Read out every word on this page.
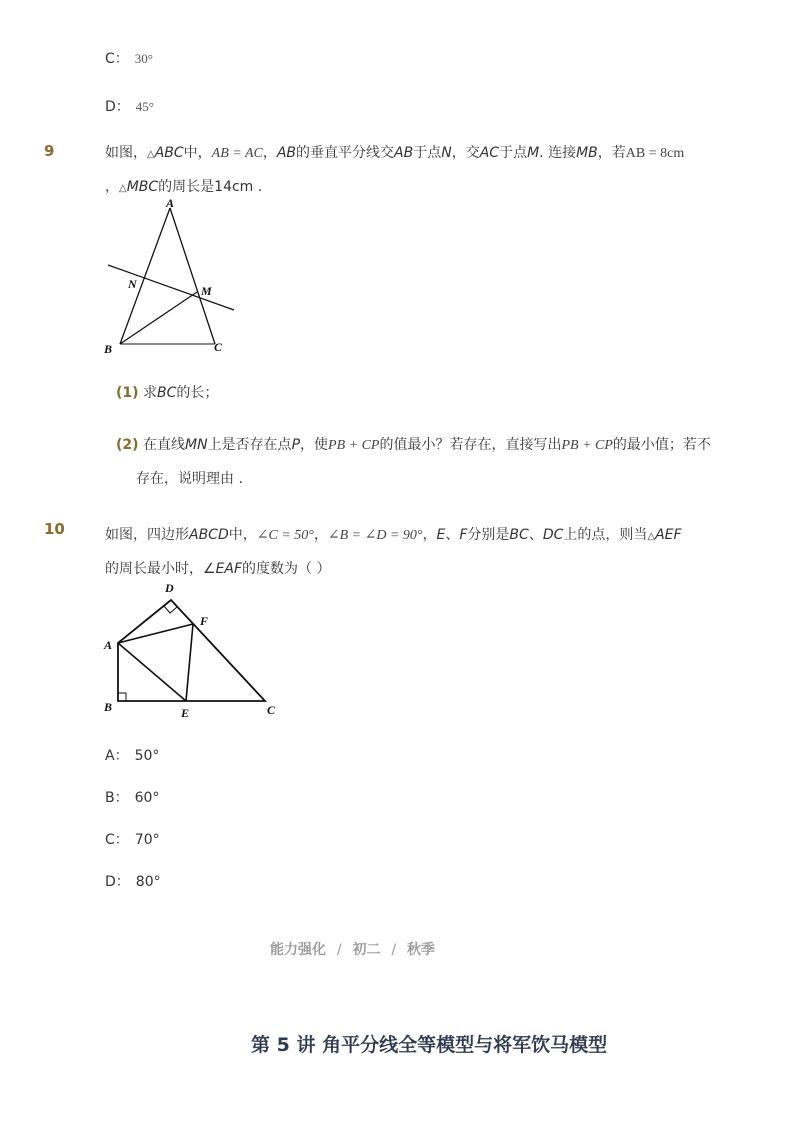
C： 30°
D： 45°
9	如图，△ABC中，AB = AC，AB的垂直平分线交AB于点N，交AC于点M. 连接MB，若AB = 8cm
，△MBC的周长是14cm .
A
N	M
B	C
(1) 求BC的长；
(2) 在直线MN上是否存在点P，使PB + CP的值最小？若存在，直接写出PB + CP的最小值；若不
存在，说明理由 .
10	如图，四边形ABCD中，∠C = 50°，∠B = ∠D = 90°，E、F分别是BC、DC上的点，则当△AEF
的周长最小时，∠EAF的度数为（ ）
D
F
A
B	E	C
A： 50°
B： 60°
C： 70°
D： 80°
能力强化 / 初二 / 秋季
第 5 讲 角平分线全等模型与将军饮马模型
